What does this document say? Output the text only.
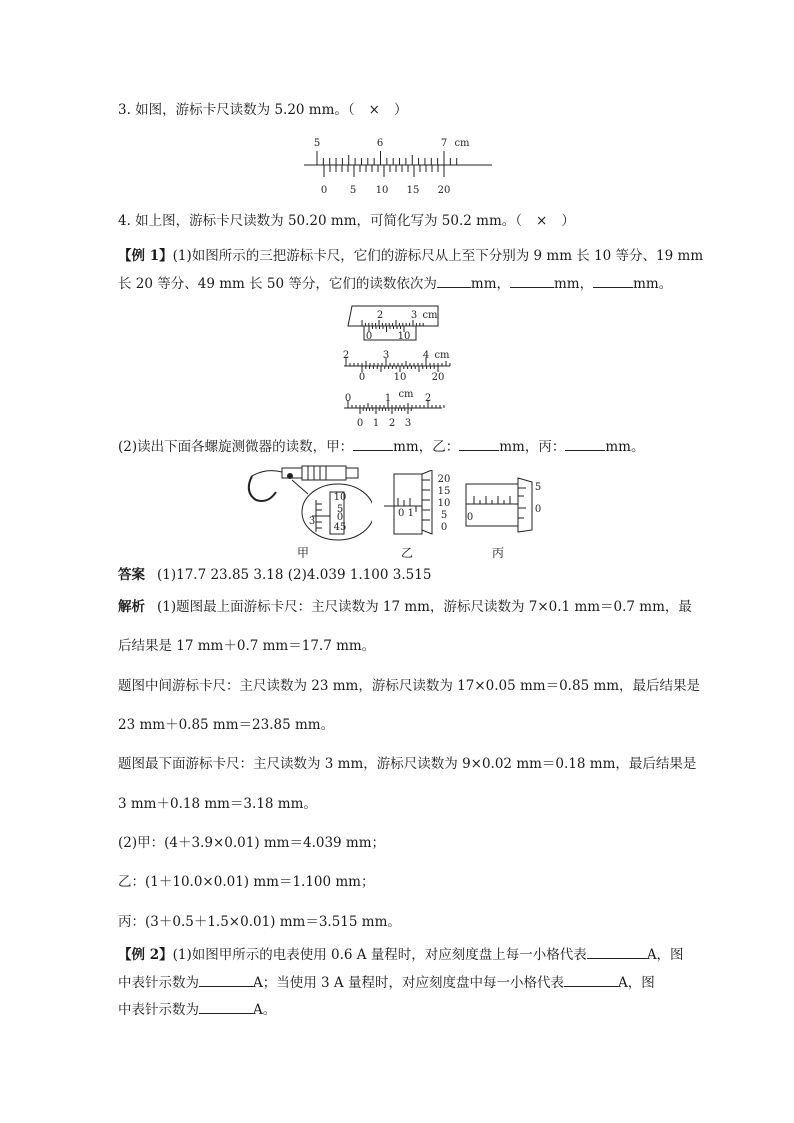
3. 如图，游标卡尺读数为 5.20 mm。（ × ）
5	6	7 cm
0 5 10 15 20
4. 如上图，游标卡尺读数为 50.20 mm，可简化写为 50.2 mm。（ × ）
【例 1】(1)如图所示的三把游标卡尺，它们的游标尺从上至下分别为 9 mm 长 10 等分、19 mm
长 20 等分、49 mm 长 50 等分，它们的读数依次为	mm，	mm，	mm。
2	3 cm
0	10
2	3	4 cm
0	10	20
0	1	2
cm
0 1 2 3
(2)读出下面各螺旋测微器的读数，甲：	mm，乙：	mm，丙：	mm。
3
10
5
0
45
甲
0 1
20
15
10
5
0
乙
0
5
0
丙
答案 (1)17.7 23.85 3.18 (2)4.039 1.100 3.515
解析 (1)题图最上面游标卡尺：主尺读数为 17 mm，游标尺读数为 7×0.1 mm＝0.7 mm，最
后结果是 17 mm＋0.7 mm＝17.7 mm。
题图中间游标卡尺：主尺读数为 23 mm，游标尺读数为 17×0.05 mm＝0.85 mm，最后结果是
23 mm＋0.85 mm＝23.85 mm。
题图最下面游标卡尺：主尺读数为 3 mm，游标尺读数为 9×0.02 mm＝0.18 mm，最后结果是
3 mm＋0.18 mm＝3.18 mm。
(2)甲：(4＋3.9×0.01) mm＝4.039 mm；
乙：(1＋10.0×0.01) mm＝1.100 mm；
丙：(3＋0.5＋1.5×0.01) mm＝3.515 mm。
【例 2】(1)如图甲所示的电表使用 0.6 A 量程时，对应刻度盘上每一小格代表	A，图
中表针示数为	A；当使用 3 A 量程时，对应刻度盘中每一小格代表	A，图
中表针示数为	A。
